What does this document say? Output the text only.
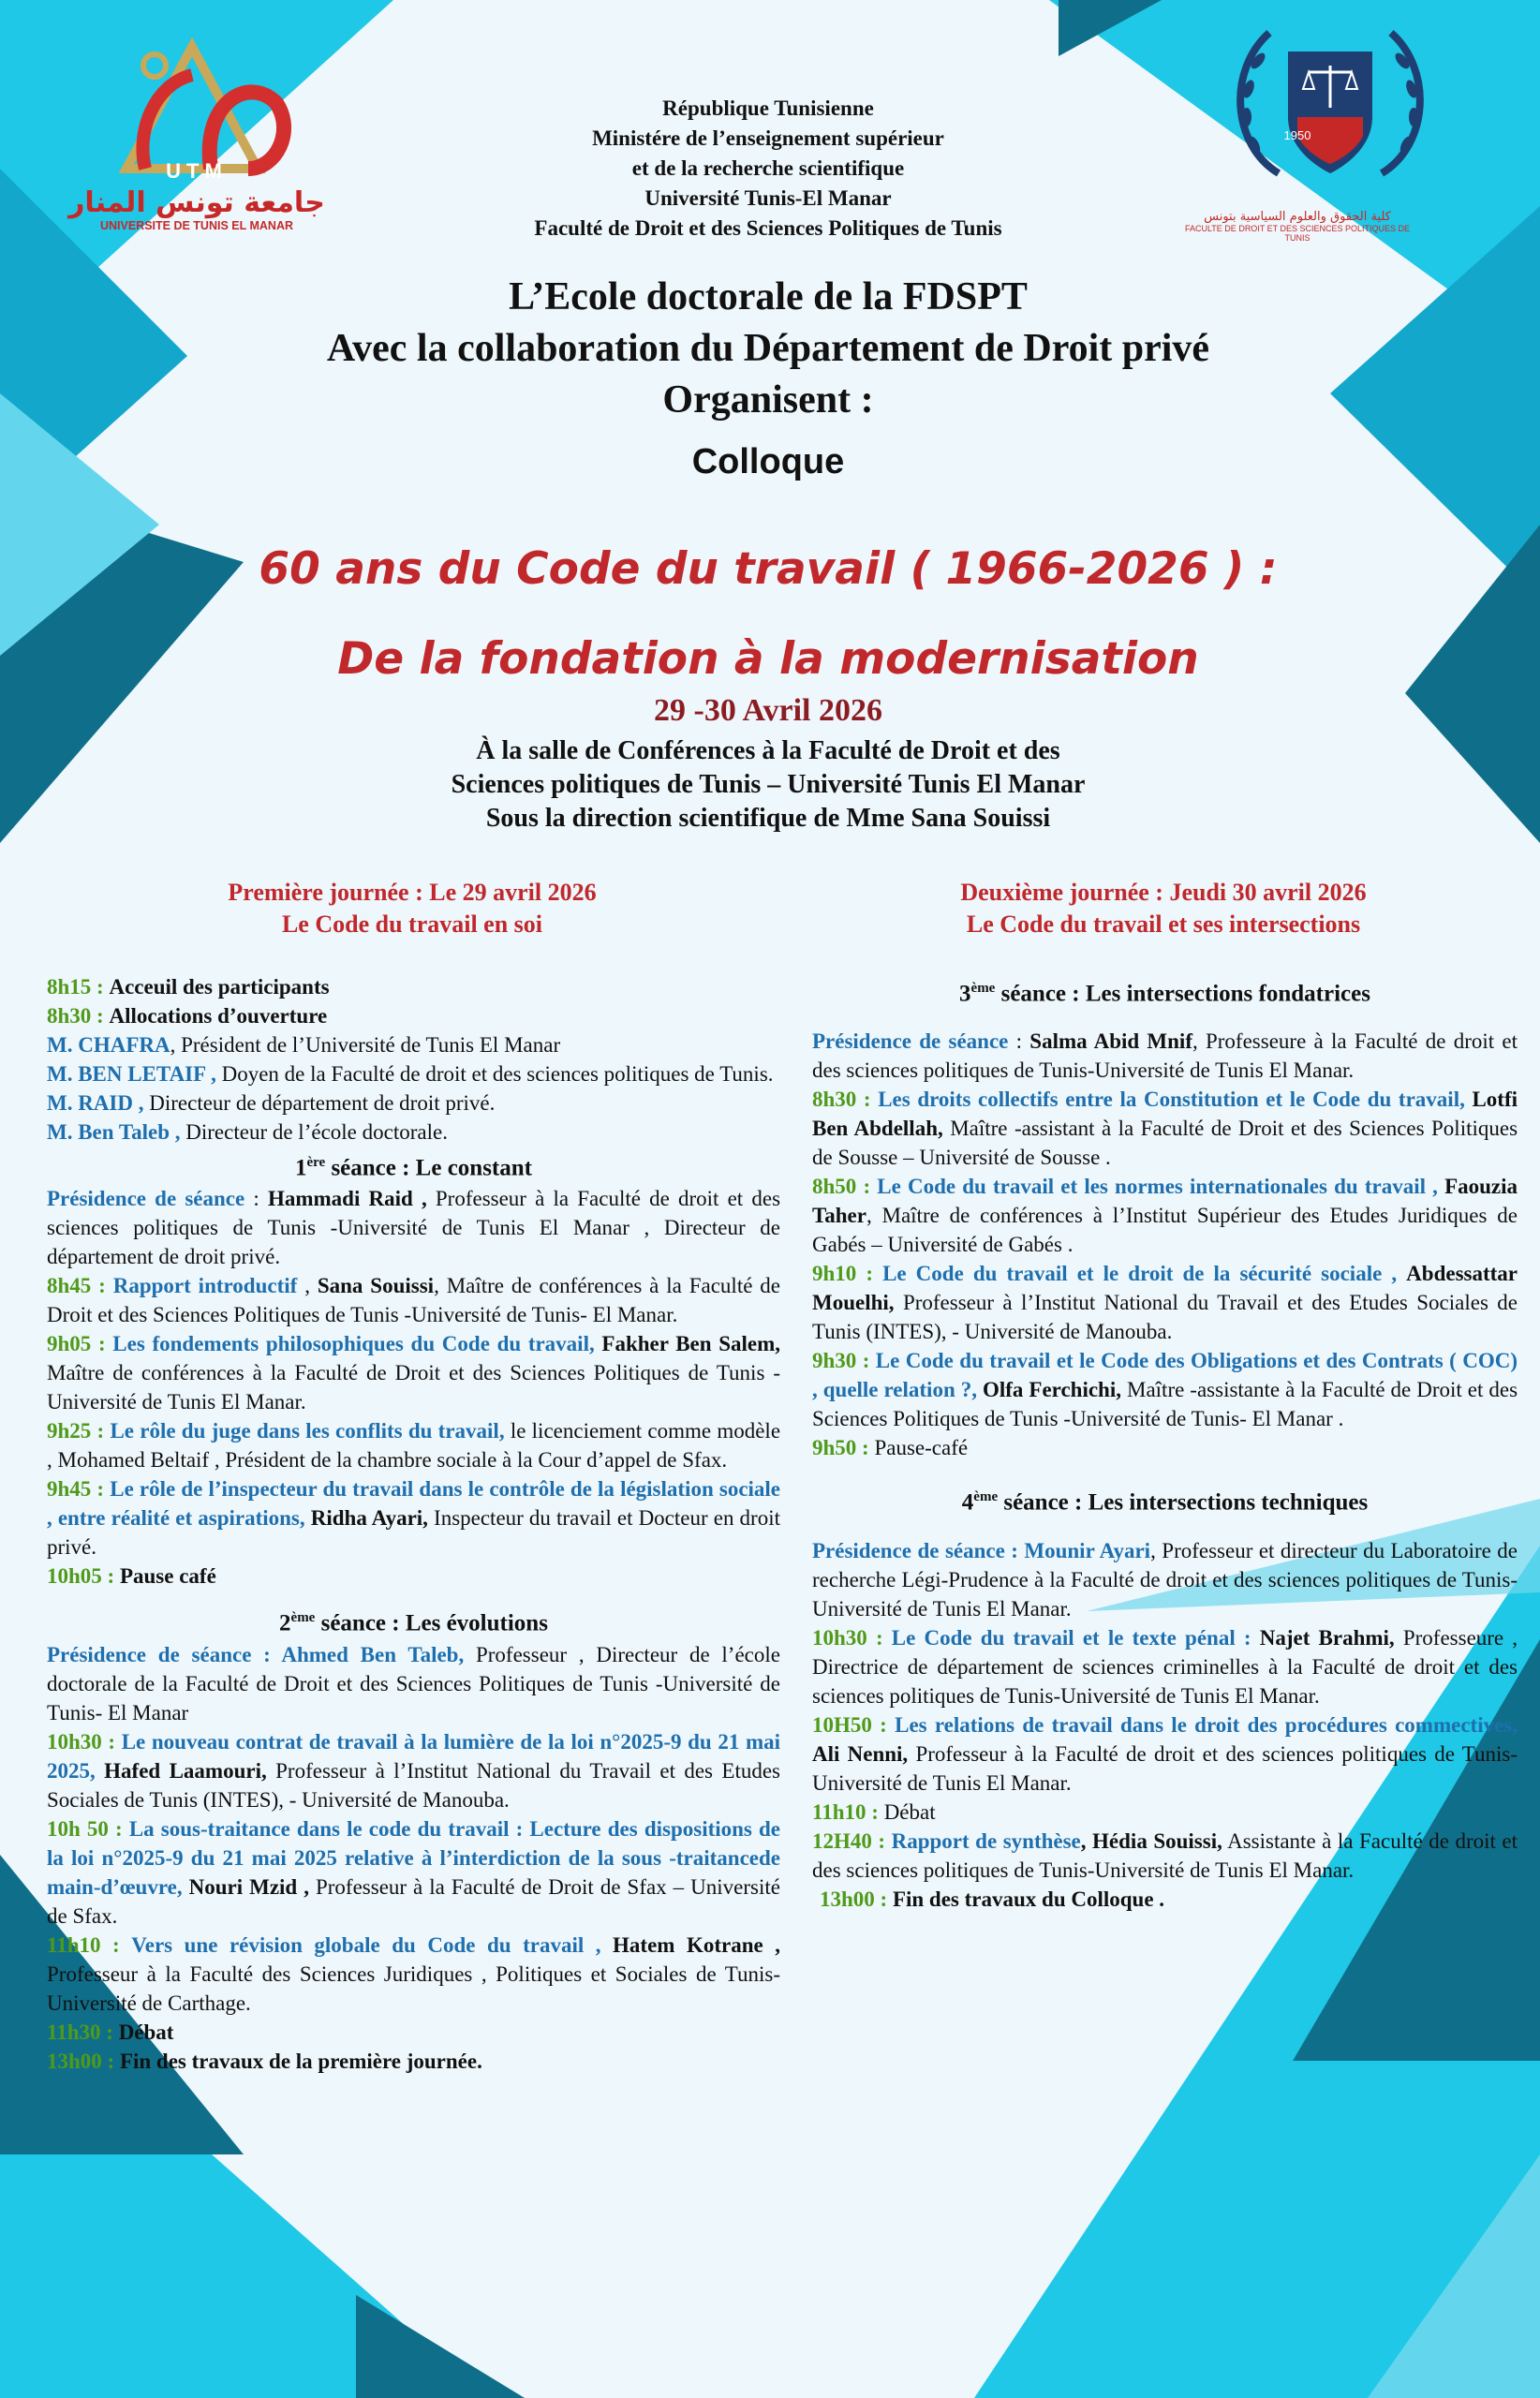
UTM
جامعة تونس المنار
UNIVERSITE DE TUNIS EL MANAR
1950
كلية الحقوق والعلوم السياسية بتونس
FACULTE DE DROIT ET DES SCIENCES POLITIQUES DE TUNIS

République Tunisienne

Ministére de l’enseignement supérieur

et de la recherche scientifique

Université Tunis-El Manar

Faculté de Droit et des Sciences Politiques de Tunis

L’Ecole doctorale de la FDSPT

Avec la collaboration du Département de Droit privé

Organisent :

Colloque

60 ans du Code du travail ( 1966-2026 ) :

De la fondation à la modernisation

29 -30 Avril 2026

À la salle de Conférences à la Faculté de Droit et des

Sciences politiques de Tunis – Université Tunis El Manar

Sous la direction scientifique de Mme Sana Souissi

Première journée : Le 29 avril 2026

Le Code du travail en soi

Deuxième journée : Jeudi 30 avril 2026

Le Code du travail et ses intersections

8h15 : Acceuil des participants

8h30 : Allocations d’ouverture

M. CHAFRA, Président de l’Université de Tunis El Manar

M. BEN LETAIF , Doyen de la Faculté de droit et des sciences politiques de Tunis.

M. RAID , Directeur de département de droit privé.

M. Ben Taleb , Directeur de l’école doctorale.

1ère séance : Le constant

Présidence de séance : Hammadi Raid , Professeur à la Faculté de droit et des sciences politiques de Tunis -Université de Tunis El Manar , Directeur de département de droit privé.

8h45 : Rapport introductif , Sana Souissi, Maître de conférences à la Faculté de Droit et des Sciences Politiques de Tunis -Université de Tunis- El Manar.

9h05 : Les fondements philosophiques du Code du travail, Fakher Ben Salem, Maître de conférences à la Faculté de Droit et des Sciences Politiques de Tunis -Université de Tunis El Manar.

9h25 : Le rôle du juge dans les conflits du travail, le licenciement comme modèle , Mohamed Beltaif , Président de la chambre sociale à la Cour d’appel de Sfax.

9h45 : Le rôle de l’inspecteur du travail dans le contrôle de la législation sociale , entre réalité et aspirations, Ridha Ayari, Inspecteur du travail et Docteur en droit privé.

10h05 : Pause café

2ème séance : Les évolutions

Présidence de séance : Ahmed Ben Taleb, Professeur , Directeur de l’école doctorale de la Faculté de Droit et des Sciences Politiques de Tunis -Université de Tunis- El Manar

10h30 : Le nouveau contrat de travail à la lumière de la loi n°2025-9 du 21 mai 2025, Hafed Laamouri, Professeur à l’Institut National du Travail et des Etudes Sociales de Tunis (INTES), - Université de Manouba.

10h 50 : La sous-traitance dans le code du travail : Lecture des dispositions de la loi n°2025-9 du 21 mai 2025 relative à l’interdiction de la sous -traitancede main-d’œuvre, Nouri Mzid , Professeur à la Faculté de Droit de Sfax – Université de Sfax.

11h10 : Vers une révision globale du Code du travail , Hatem Kotrane , Professeur à la Faculté des Sciences Juridiques , Politiques et Sociales de Tunis- Université de Carthage.

11h30 : Débat

13h00 : Fin des travaux de la première journée.

3ème séance : Les intersections fondatrices

Présidence de séance : Salma Abid Mnif, Professeure à la Faculté de droit et des sciences politiques de Tunis-Université de Tunis El Manar.

8h30 : Les droits collectifs entre la Constitution et le Code du travail, Lotfi Ben Abdellah, Maître -assistant à la Faculté de Droit et des Sciences Politiques de Sousse – Université de Sousse .

8h50 : Le Code du travail et les normes internationales du travail , Faouzia Taher, Maître de conférences à l’Institut Supérieur des Etudes Juridiques de Gabés – Université de Gabés .

9h10 : Le Code du travail et le droit de la sécurité sociale , Abdessattar Mouelhi, Professeur à l’Institut National du Travail et des Etudes Sociales de Tunis (INTES), - Université de Manouba.

9h30 : Le Code du travail et le Code des Obligations et des Contrats ( COC) , quelle relation ?, Olfa Ferchichi, Maître -assistante à la Faculté de Droit et des Sciences Politiques de Tunis -Université de Tunis- El Manar .

9h50 : Pause-café

4ème séance : Les intersections techniques

Présidence de séance : Mounir Ayari, Professeur et directeur du Laboratoire de recherche Légi-Prudence à la Faculté de droit et des sciences politiques de Tunis-Université de Tunis El Manar.

10h30 : Le Code du travail et le texte pénal : Najet Brahmi, Professeure , Directrice de département de sciences criminelles à la Faculté de droit et des sciences politiques de Tunis-Université de Tunis El Manar.

10H50 : Les relations de travail dans le droit des procédures commectives, Ali Nenni, Professeur à la Faculté de droit et des sciences politiques de Tunis-Université de Tunis El Manar.

11h10 : Débat

12H40 : Rapport de synthèse, Hédia Souissi, Assistante à la Faculté de droit et des sciences politiques de Tunis-Université de Tunis El Manar.

13h00 : Fin des travaux du Colloque .
